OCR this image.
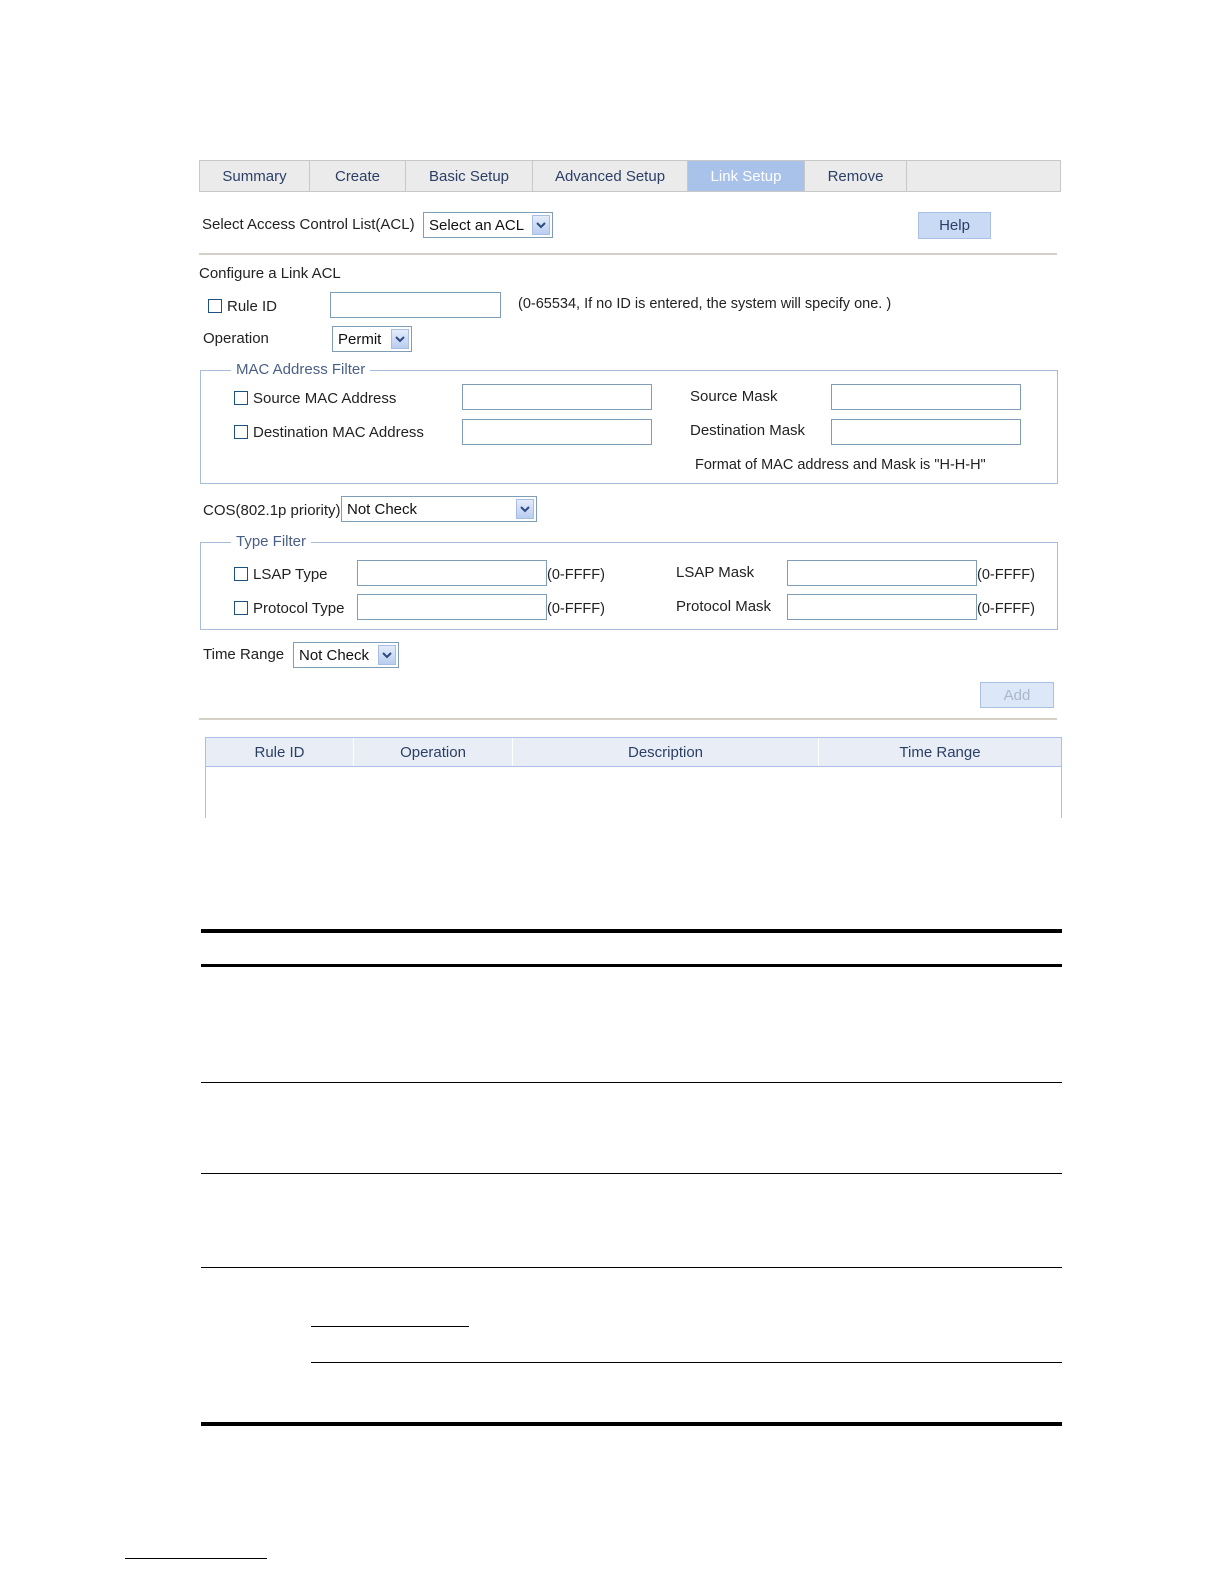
Summary	Create	Basic Setup	Advanced Setup	Link Setup	Remove
Select Access Control List(ACL) Select an ACL	Help
Configure a Link ACL
Rule ID	(0-65534, If no ID is entered, the system will specify one. )
Operation	Permit
MAC Address Filter
Source MAC Address	Source Mask
Destination MAC Address	Destination Mask
Format of MAC address and Mask is "H-H-H"
COS(802.1p priority) Not Check
Type Filter
LSAP Type	(0-FFFF)	LSAP Mask	(0-FFFF)
Protocol Type	(0-FFFF)	Protocol Mask	(0-FFFF)
Time Range Not Check
Add
Rule ID	Operation	Description	Time Range
